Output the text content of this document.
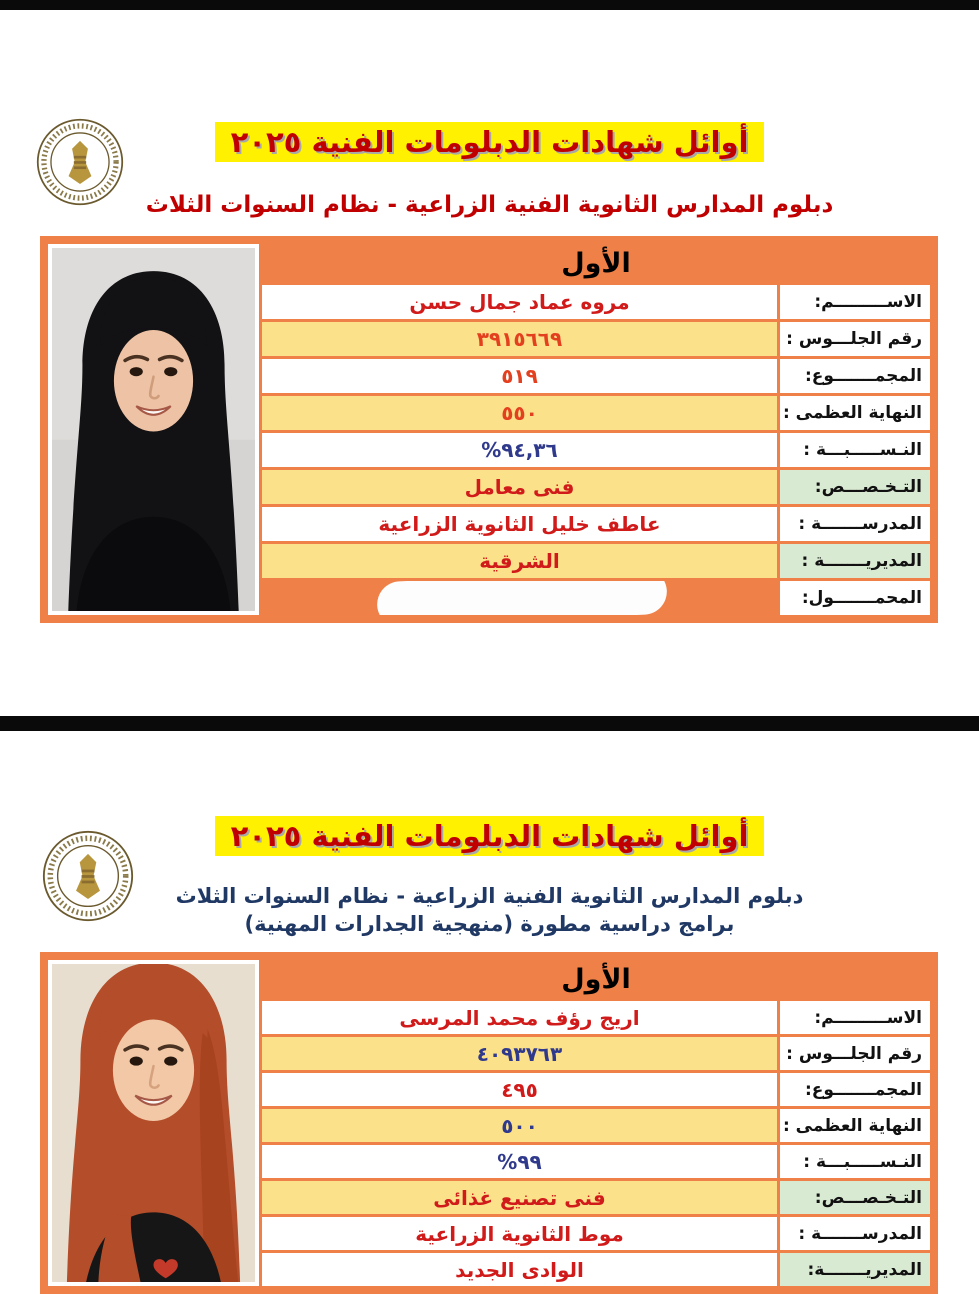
أوائل شهادات الدبلومات الفنية ٢٠٢٥
دبلوم المدارس الثانوية الفنية الزراعية - نظام السنوات الثلاث
الأول
الاســـــــــم:
مروه عماد جمال حسن
رقم الجلـــوس :
٣٩١٥٦٦٩
المجمـــــــوع:
٥١٩
النهاية العظمى :
٥٥٠
النـســـــبـــة :
%٩٤,٣٦
التـخـصـــص:
فنى معامل
المدرســـــــة :
عاطف خليل الثانوية الزراعية
المديريـــــــة :
الشرقية
المحمـــــــول:
أوائل شهادات الدبلومات الفنية ٢٠٢٥
دبلوم المدارس الثانوية الفنية الزراعية - نظام السنوات الثلاث
برامج دراسية مطورة (منهجية الجدارات المهنية)
الأول
الاســـــــــم:
اريج رؤف محمد المرسى
رقم الجلـــوس :
٤٠٩٣٧٦٣
المجمـــــــوع:
٤٩٥
النهاية العظمى :
٥٠٠
النـســـــبـــة :
%٩٩
التـخـصـــص:
فنى تصنيع غذائى
المدرســـــــة :
موط الثانوية الزراعية
المديريـــــــة:
الوادى الجديد
